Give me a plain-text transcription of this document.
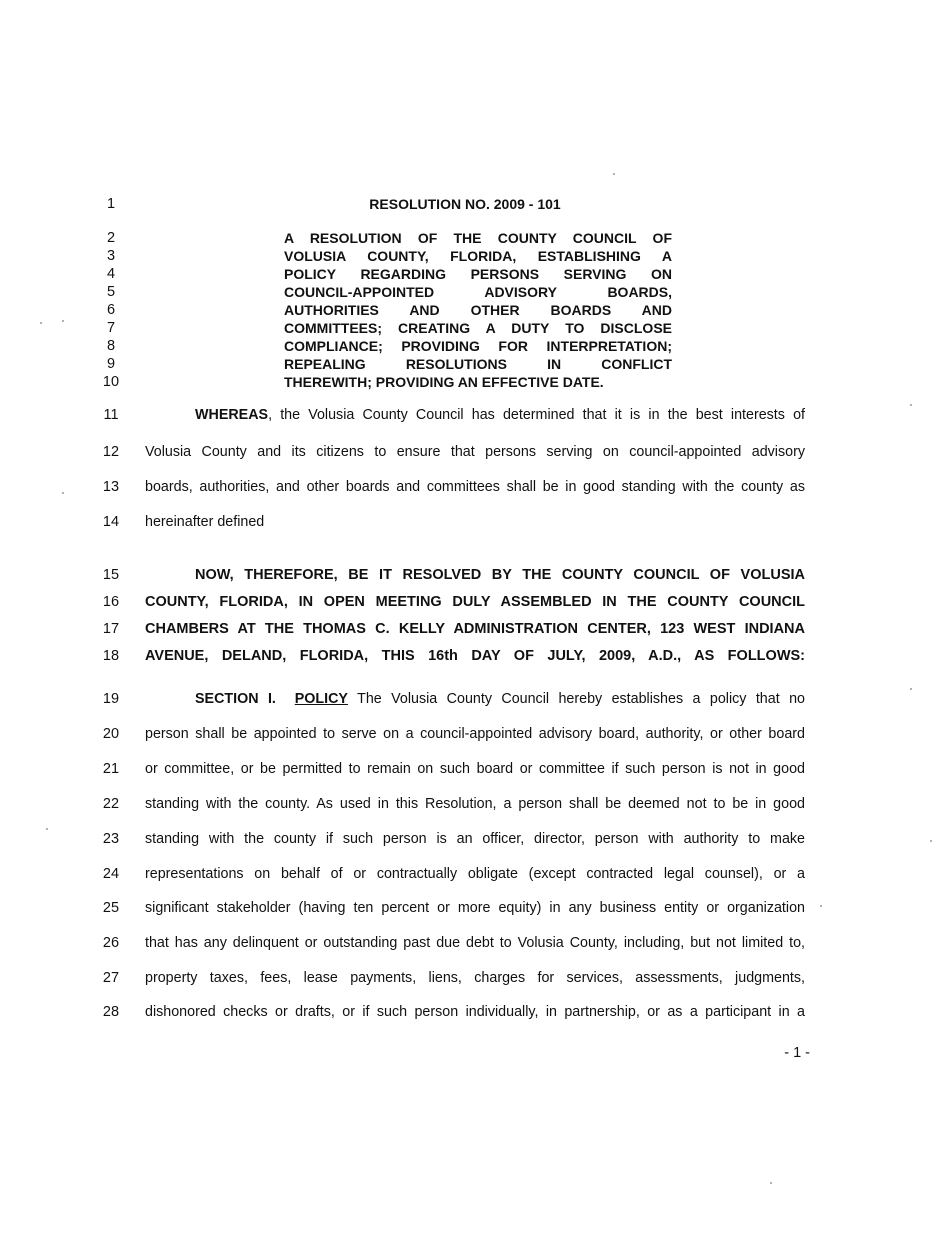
1
2
3
4
5
6
7
8
9
10
11
12
13
14
15
16
17
18
19
20
21
22
23
24
25
26
27
28
RESOLUTION NO. 2009 - 101
A RESOLUTION OF THE COUNTY COUNCIL OF
VOLUSIA COUNTY, FLORIDA, ESTABLISHING A
POLICY REGARDING PERSONS SERVING ON
COUNCIL-APPOINTED ADVISORY BOARDS,
AUTHORITIES AND OTHER BOARDS AND
COMMITTEES; CREATING A DUTY TO DISCLOSE
COMPLIANCE; PROVIDING FOR INTERPRETATION;
REPEALING RESOLUTIONS IN CONFLICT
THEREWITH; PROVIDING AN EFFECTIVE DATE.
WHEREAS, the Volusia County Council has determined that it is in the best interests of
Volusia County and its citizens to ensure that persons serving on council-appointed advisory
boards, authorities, and other boards and committees shall be in good standing with the county as
hereinafter defined
NOW, THEREFORE, BE IT RESOLVED BY THE COUNTY COUNCIL OF VOLUSIA
COUNTY, FLORIDA, IN OPEN MEETING DULY ASSEMBLED IN THE COUNTY COUNCIL
CHAMBERS AT THE THOMAS C. KELLY ADMINISTRATION CENTER, 123 WEST INDIANA
AVENUE, DELAND, FLORIDA, THIS 16th DAY OF JULY, 2009, A.D., AS FOLLOWS:
SECTION I. POLICY The Volusia County Council hereby establishes a policy that no
person shall be appointed to serve on a council-appointed advisory board, authority, or other board
or committee, or be permitted to remain on such board or committee if such person is not in good
standing with the county. As used in this Resolution, a person shall be deemed not to be in good
standing with the county if such person is an officer, director, person with authority to make
representations on behalf of or contractually obligate (except contracted legal counsel), or a
significant stakeholder (having ten percent or more equity) in any business entity or organization
that has any delinquent or outstanding past due debt to Volusia County, including, but not limited to,
property taxes, fees, lease payments, liens, charges for services, assessments, judgments,
dishonored checks or drafts, or if such person individually, in partnership, or as a participant in a
- 1 -
